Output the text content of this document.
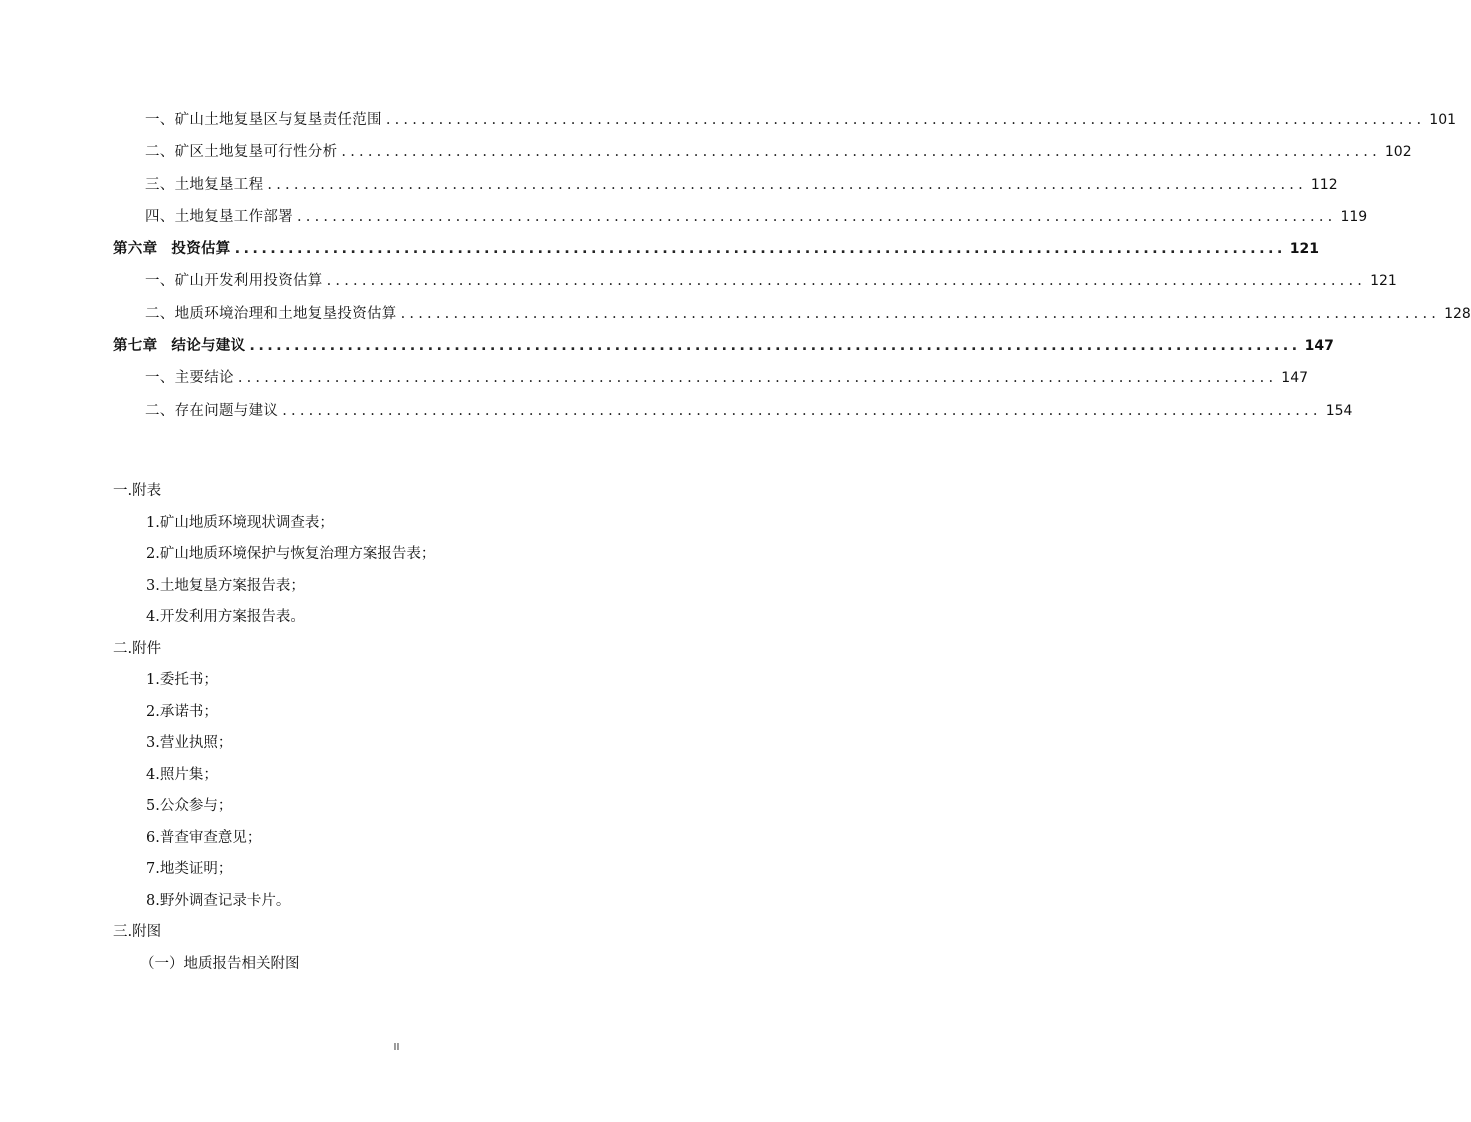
一、矿山土地复垦区与复垦责任范围 ...................................................................................................................... 101
二、矿区土地复垦可行性分析 ...................................................................................................................... 102
三、土地复垦工程 ...................................................................................................................... 112
四、土地复垦工作部署 ...................................................................................................................... 119
第六章 投资估算 ...................................................................................................................... 121
一、矿山开发利用投资估算 ...................................................................................................................... 121
二、地质环境治理和土地复垦投资估算 ...................................................................................................................... 128
第七章 结论与建议 ...................................................................................................................... 147
一、主要结论 ...................................................................................................................... 147
二、存在问题与建议 ...................................................................................................................... 154
一.附表
1.矿山地质环境现状调查表；
2.矿山地质环境保护与恢复治理方案报告表；
3.土地复垦方案报告表；
4.开发利用方案报告表。
二.附件
1.委托书；
2.承诺书；
3.营业执照；
4.照片集；
5.公众参与；
6.普查审查意见；
7.地类证明；
8.野外调查记录卡片。
三.附图
（一）地质报告相关附图
II
